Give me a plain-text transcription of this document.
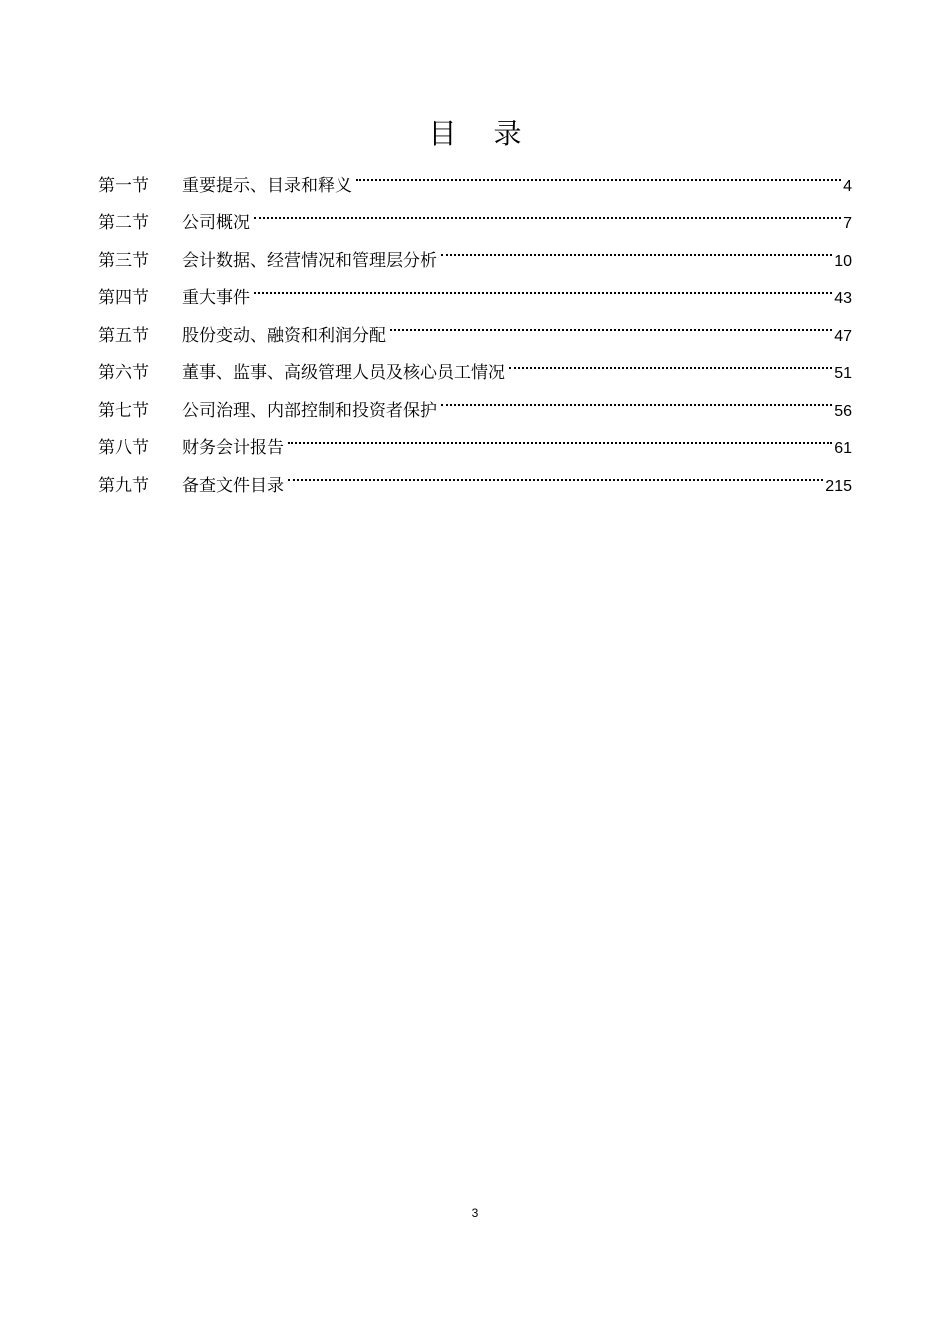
目 录
第一节	重要提示、目录和释义	4
第二节	公司概况	7
第三节	会计数据、经营情况和管理层分析	10
第四节	重大事件	43
第五节	股份变动、融资和利润分配	47
第六节	董事、监事、高级管理人员及核心员工情况	51
第七节	公司治理、内部控制和投资者保护	56
第八节	财务会计报告	61
第九节	备查文件目录	215
3
